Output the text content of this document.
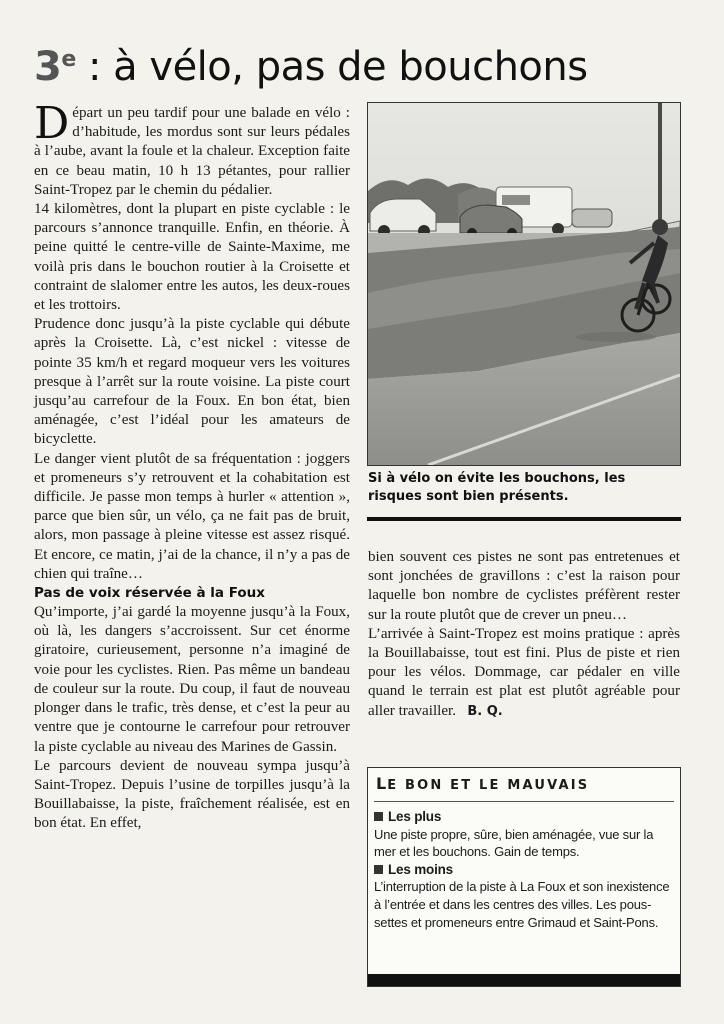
3e : à vélo, pas de bouchons

Départ un peu tardif pour une balade en vélo : d’habitude, les mordus sont sur leurs pédales à l’aube, avant la foule et la chaleur. Exception faite en ce beau matin, 10 h 13 pétantes, pour rallier Saint-Tropez par le chemin du pédalier.

14 kilomètres, dont la plupart en piste cyclable : le parcours s’annonce tranquille. Enfin, en théorie. À peine quitté le centre-ville de Sainte-Maxime, me voilà pris dans le bouchon routier à la Croisette et contraint de slalomer entre les autos, les deux-roues et les trottoirs.

Prudence donc jusqu’à la piste cyclable qui débute après la Croisette. Là, c’est nickel : vitesse de pointe 35 km/h et regard moqueur vers les voitures presque à l’arrêt sur la route voisine. La piste court jusqu’au carrefour de la Foux. En bon état, bien aménagée, c’est l’idéal pour les amateurs de bicyclette.

Le danger vient plutôt de sa fréquentation : joggers et promeneurs s’y retrouvent et la cohabitation est difficile. Je passe mon temps à hurler « attention », parce que bien sûr, un vélo, ça ne fait pas de bruit, alors, mon passage à pleine vitesse est assez risqué. Et encore, ce matin, j’ai de la chance, il n’y a pas de chien qui traîne…

Pas de voix réservée à la Foux

Qu’importe, j’ai gardé la moyenne jusqu’à la Foux, où là, les dangers s’accroissent. Sur cet énorme giratoire, curieusement, personne n’a imaginé de voie pour les cyclistes. Rien. Pas même un bandeau de couleur sur la route. Du coup, il faut de nouveau plonger dans le trafic, très dense, et c’est la peur au ventre que je contourne le carrefour pour retrouver la piste cyclable au niveau des Marines de Gassin.

Le parcours devient de nouveau sympa jusqu’à Saint-Tropez. Depuis l’usine de torpilles jusqu’à la Bouillabaisse, la piste, fraîchement réalisée, est en bon état. En effet,

Si à vélo on évite les bouchons, les risques sont bien présents.

bien souvent ces pistes ne sont pas entretenues et sont jonchées de gravillons : c’est la raison pour laquelle bon nombre de cyclistes préfèrent rester sur la route plutôt que de crever un pneu…

L’arrivée à Saint-Tropez est moins pratique : après la Bouillabaisse, tout est fini. Plus de piste et rien pour les vélos. Dommage, car pédaler en ville quand le terrain est plat est plutôt agréable pour aller travailler. B. Q.

LE BON ET LE MAUVAIS

Les plus

Une piste propre, sûre, bien aménagée, vue sur la mer et les bouchons. Gain de temps.

Les moins

L’interruption de la piste à La Foux et son inexistence à l’entrée et dans les centres des villes. Les poussettes et promeneurs entre Grimaud et Saint-Pons.
